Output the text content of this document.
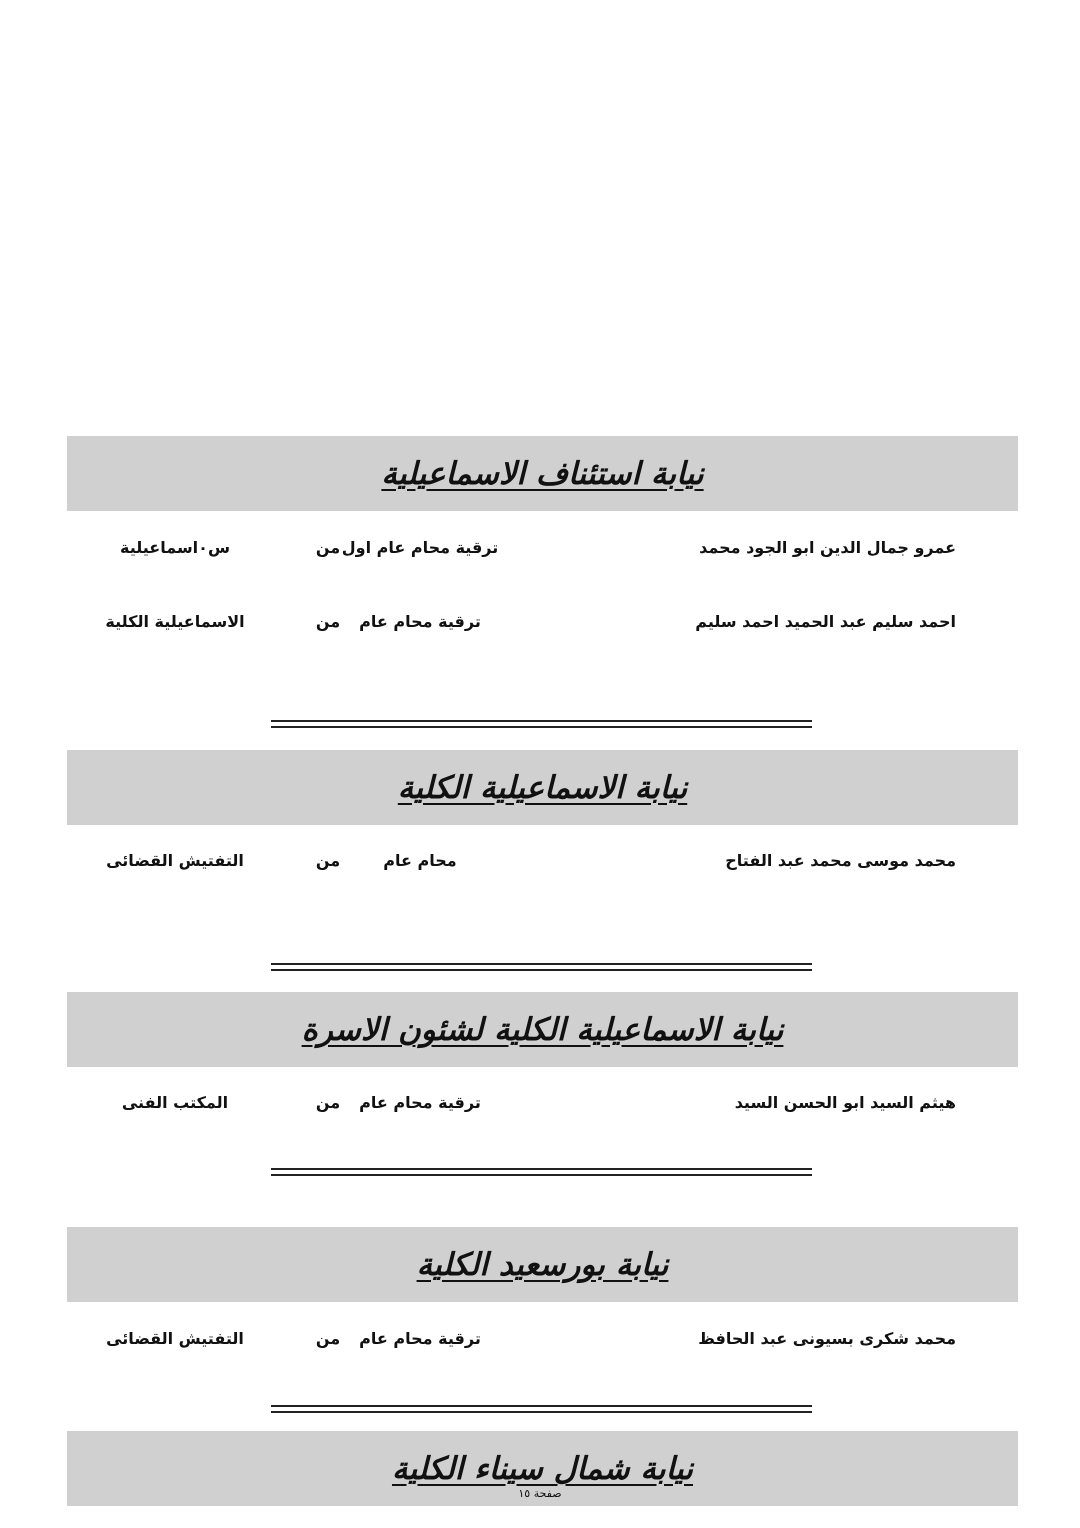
نيابة استئناف الاسماعيلية
عمرو جمال الدين ابو الجود محمد
ترقية محام عام اول
من
س٠اسماعيلية
احمد سليم عبد الحميد احمد سليم
ترقية محام عام
من
الاسماعيلية الكلية
نيابة الاسماعيلية الكلية
محمد موسى محمد عبد الفتاح
محام عام
من
التفتيش القضائى
نيابة الاسماعيلية الكلية لشئون الاسرة
هيثم السيد ابو الحسن السيد
ترقية محام عام
من
المكتب الفنى
نيابة بورسعيد الكلية
محمد شكرى بسيونى عبد الحافظ
ترقية محام عام
من
التفتيش القضائى
نيابة شمال سيناء الكلية
صفحة ١٥
